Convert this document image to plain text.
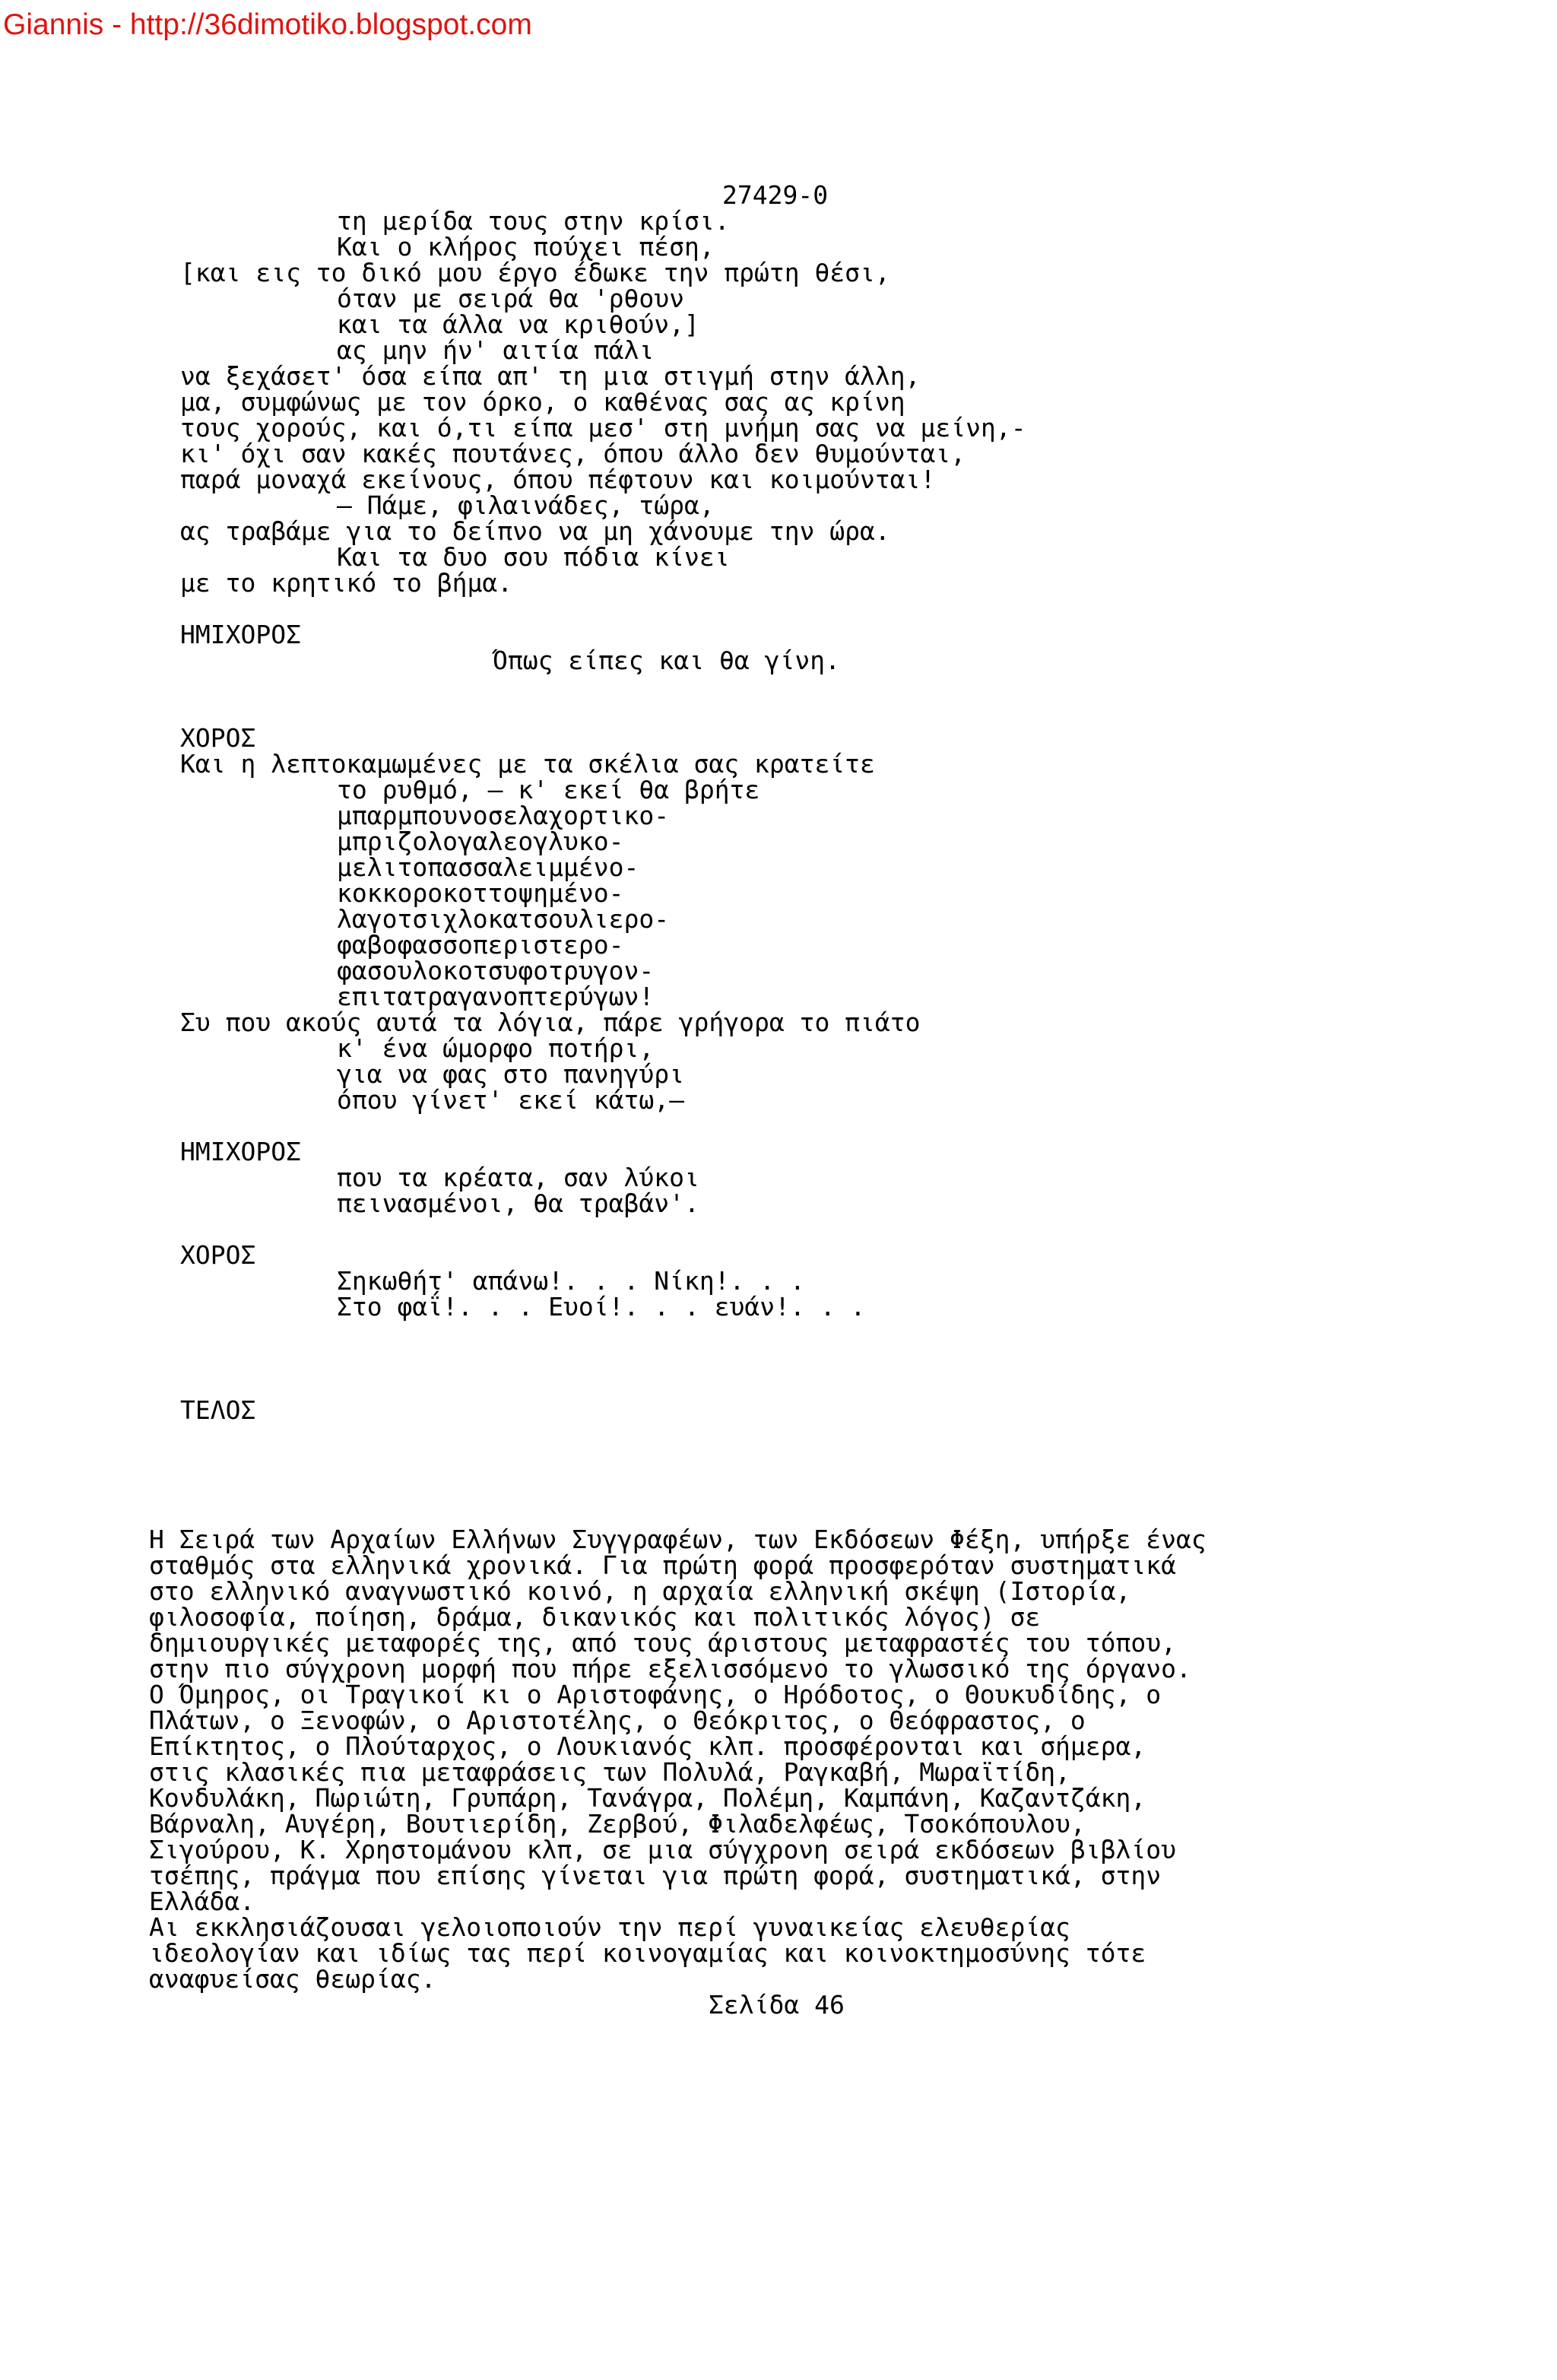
Giannis - http://36dimotiko.blogspot.com

27429-0

τη μερίδα τους στην κρίσι.

Και ο κλήρος πούχει πέση,

[και εις το δικό μου έργο έδωκε την πρώτη θέσι,

όταν με σειρά θα 'ρθουν

και τα άλλα να κριθούν,]

ας μην ήν' αιτία πάλι

να ξεχάσετ' όσα είπα απ' τη μια στιγμή στην άλλη,

μα, συμφώνως με τον όρκο, ο καθένας σας ας κρίνη

τους χορούς, και ό,τι είπα μεσ' στη μνήμη σας να μείνη,-

κι' όχι σαν κακές πουτάνες, όπου άλλο δεν θυμούνται,

παρά μοναχά εκείνους, όπου πέφτουν και κοιμούνται!

— Πάμε, φιλαινάδες, τώρα,

ας τραβάμε για το δείπνο να μη χάνουμε την ώρα.

Και τα δυο σου πόδια κίνει

με το κρητικό το βήμα.

ΗΜΙΧΟΡΟΣ

Όπως είπες και θα γίνη.

ΧΟΡΟΣ

Και η λεπτοκαμωμένες με τα σκέλια σας κρατείτε

το ρυθμό, — κ' εκεί θα βρήτε

μπαρμπουνοσελαχορτικο-

μπριζολογαλεογλυκο-

μελιτοπασσαλειμμένο-

κοκκοροκοττοψημένο-

λαγοτσιχλοκατσουλιερο-

φαβοφασσοπεριστερο-

φασουλοκοτσυφοτρυγον-

επιτατραγανοπτερύγων!

Συ που ακούς αυτά τα λόγια, πάρε γρήγορα το πιάτο

κ' ένα ώμορφο ποτήρι,

για να φας στο πανηγύρι

όπου γίνετ' εκεί κάτω,—

ΗΜΙΧΟΡΟΣ

που τα κρέατα, σαν λύκοι

πεινασμένοι, θα τραβάν'.

ΧΟΡΟΣ

Σηκωθήτ' απάνω!. . . Νίκη!. . .

Στο φαΐ!. . . Ευοί!. . . ευάν!. . .

ΤΕΛΟΣ

Η Σειρά των Αρχαίων Ελλήνων Συγγραφέων, των Εκδόσεων Φέξη, υπήρξε ένας

σταθμός στα ελληνικά χρονικά. Για πρώτη φορά προσφερόταν συστηματικά

στο ελληνικό αναγνωστικό κοινό, η αρχαία ελληνική σκέψη (Ιστορία,

φιλοσοφία, ποίηση, δράμα, δικανικός και πολιτικός λόγος) σε

δημιουργικές μεταφορές της, από τους άριστους μεταφραστές του τόπου,

στην πιο σύγχρονη μορφή που πήρε εξελισσόμενο το γλωσσικό της όργανο.

Ο Όμηρος, οι Τραγικοί κι ο Αριστοφάνης, ο Ηρόδοτος, ο Θουκυδίδης, ο

Πλάτων, ο Ξενοφών, ο Αριστοτέλης, ο Θεόκριτος, ο Θεόφραστος, ο

Επίκτητος, ο Πλούταρχος, ο Λουκιανός κλπ. προσφέρονται και σήμερα,

στις κλασικές πια μεταφράσεις των Πολυλά, Ραγκαβή, Μωραϊτίδη,

Κονδυλάκη, Πωριώτη, Γρυπάρη, Τανάγρα, Πολέμη, Καμπάνη, Καζαντζάκη,

Βάρναλη, Αυγέρη, Βουτιερίδη, Ζερβού, Φιλαδελφέως, Τσοκόπουλου,

Σιγούρου, Κ. Χρηστομάνου κλπ, σε μια σύγχρονη σειρά εκδόσεων βιβλίου

τσέπης, πράγμα που επίσης γίνεται για πρώτη φορά, συστηματικά, στην

Ελλάδα.

Αι εκκλησιάζουσαι γελοιοποιούν την περί γυναικείας ελευθερίας

ιδεολογίαν και ιδίως τας περί κοινογαμίας και κοινοκτημοσύνης τότε

αναφυείσας θεωρίας.

Σελίδα 46
